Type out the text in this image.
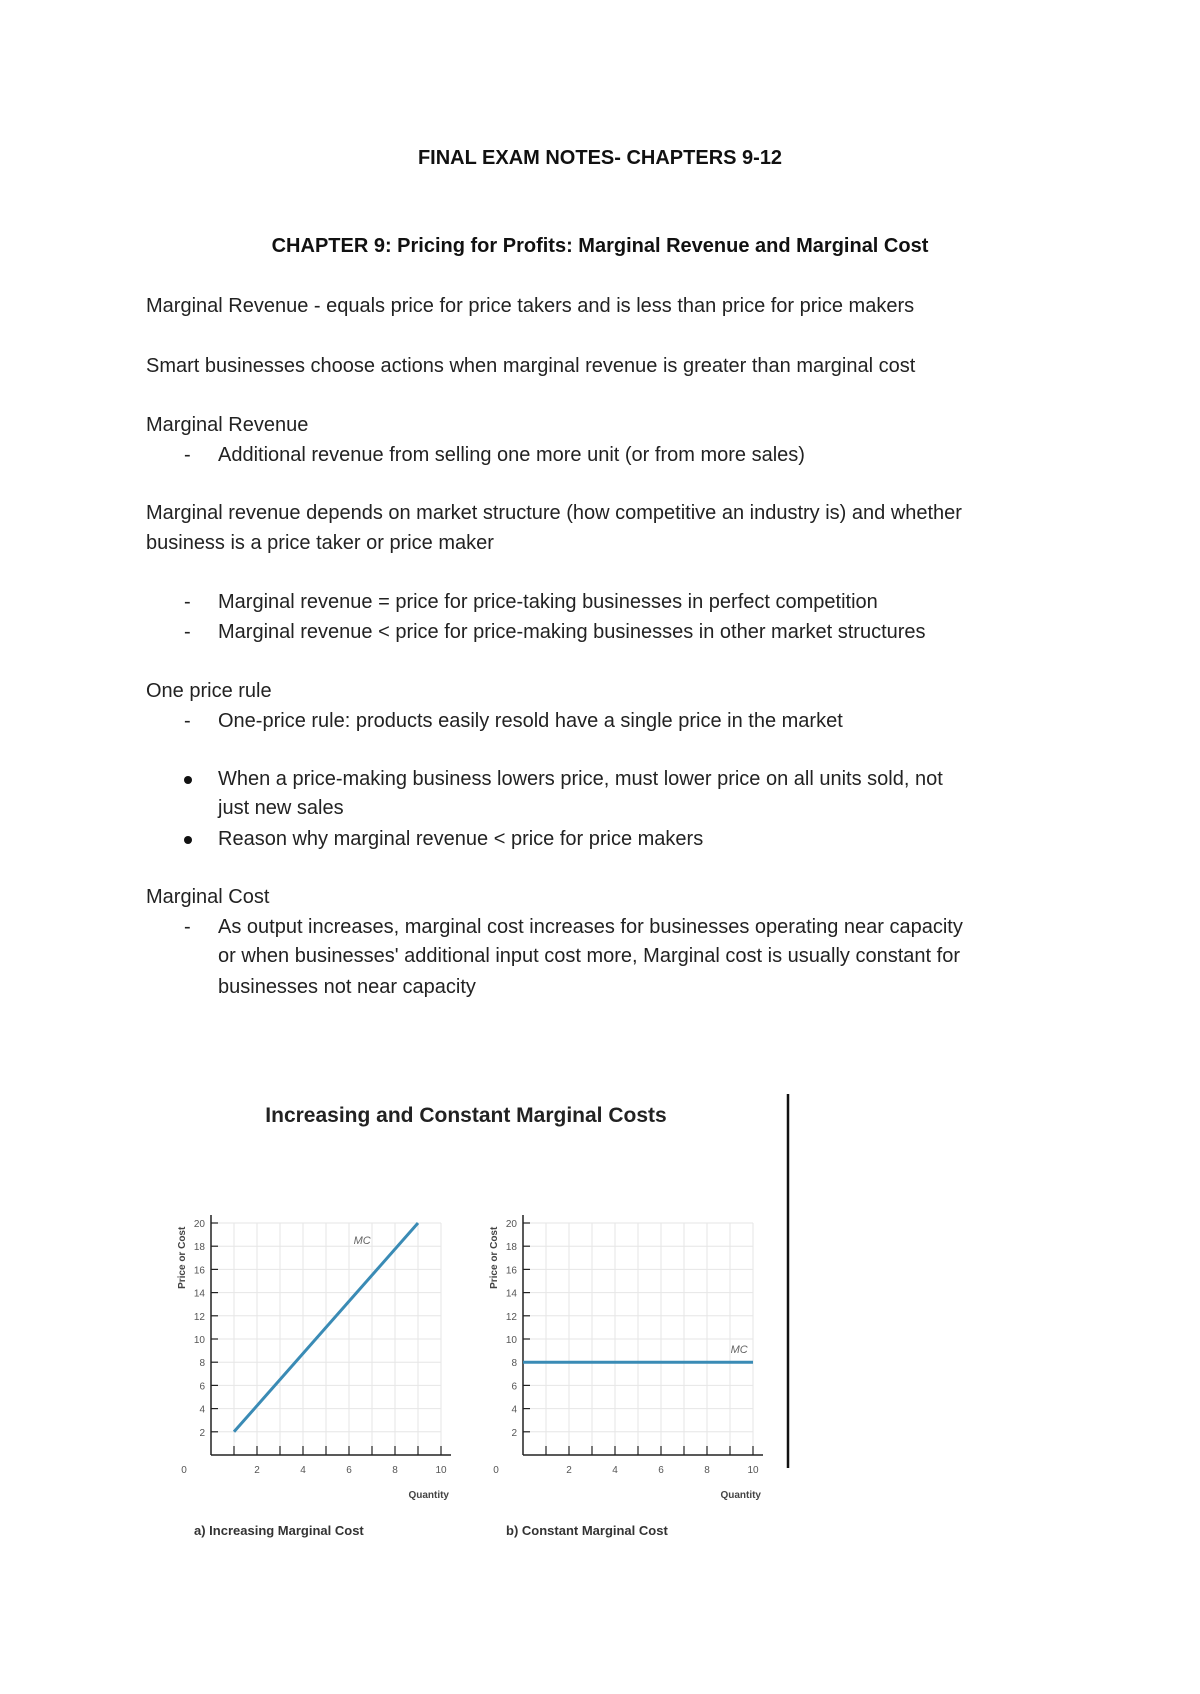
FINAL EXAM NOTES- CHAPTERS 9-12
CHAPTER 9: Pricing for Profits: Marginal Revenue and Marginal Cost
Marginal Revenue - equals price for price takers and is less than price for price makers
Smart businesses choose actions when marginal revenue is greater than marginal cost
Marginal Revenue
- Additional revenue from selling one more unit (or from more sales)
Marginal revenue depends on market structure (how competitive an industry is) and whether
business is a price taker or price maker
- Marginal revenue = price for price-taking businesses in perfect competition
- Marginal revenue < price for price-making businesses in other market structures
One price rule
- One-price rule: products easily resold have a single price in the market
When a price-making business lowers price, must lower price on all units sold, not
just new sales
Reason why marginal revenue < price for price makers
Marginal Cost
- As output increases, marginal cost increases for businesses operating near capacity
or when businesses' additional input cost more, Marginal cost is usually constant for
businesses not near capacity
Increasing and Constant Marginal Costs
2
4
6
8
10
12
14
16
18
20
0	2	4	6	8	10
Quantity
Price or Cost	MC
a) Increasing Marginal Cost
2
4
6
8
10
12
14
16
18
20
0	2	4	6	8	10
Quantity
Price or Cost
MC
b) Constant Marginal Cost
